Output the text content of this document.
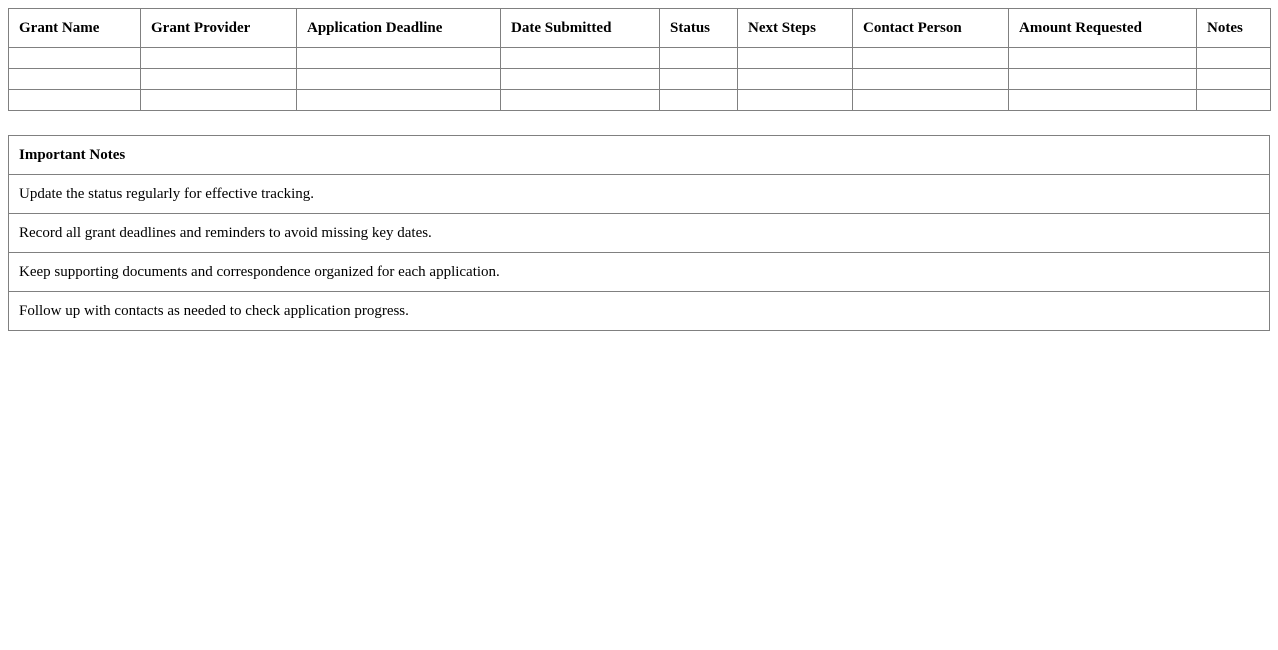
Grant Name	Grant Provider	Application Deadline	Date Submitted	Status	Next Steps	Contact Person	Amount Requested	Notes

Important Notes
Update the status regularly for effective tracking.
Record all grant deadlines and reminders to avoid missing key dates.
Keep supporting documents and correspondence organized for each application.
Follow up with contacts as needed to check application progress.
